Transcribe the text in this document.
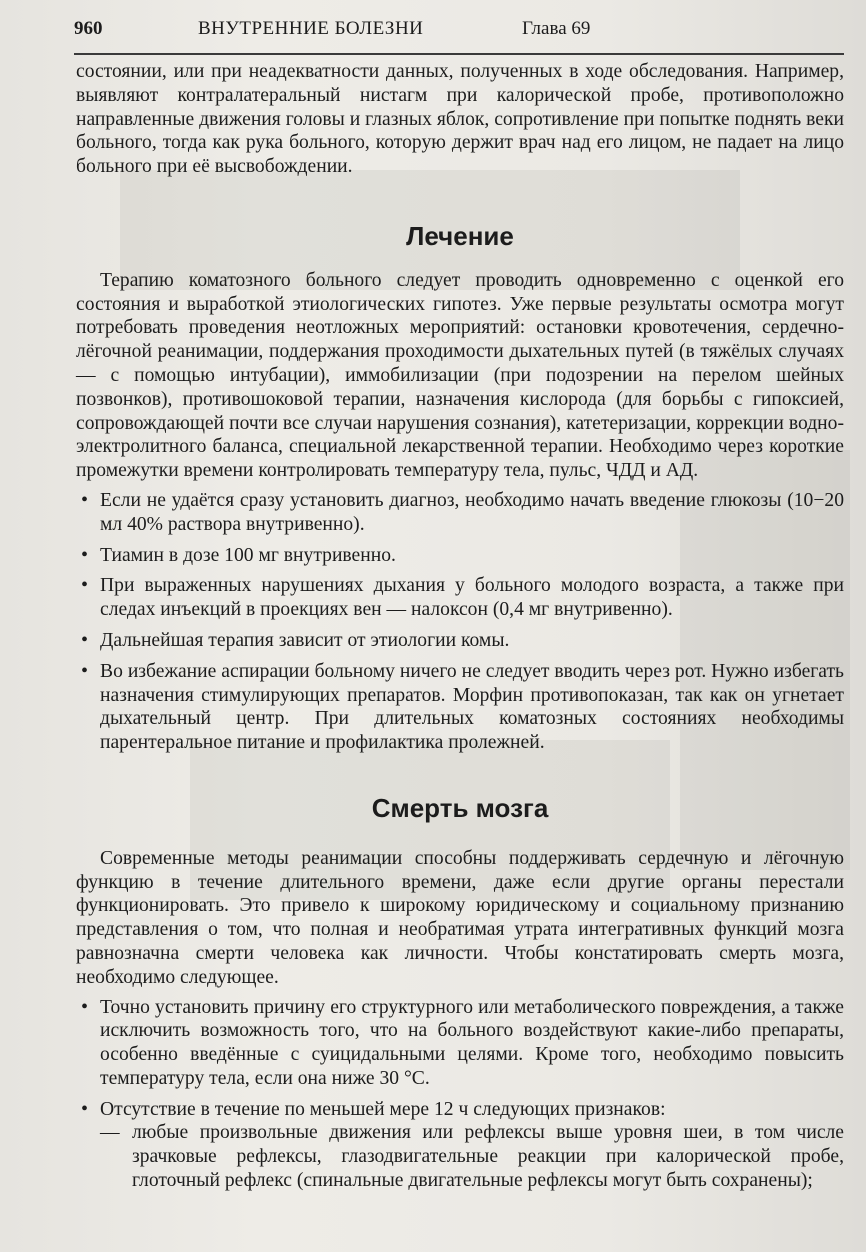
960	ВНУТРЕННИЕ БОЛЕЗНИ	Глава 69

состоянии, или при неадекватности данных, полученных в ходе обследования. Например, выявляют контралатеральный нистагм при калорической пробе, противоположно направленные движения головы и глазных яблок, сопротивление при попытке поднять веки больного, тогда как рука больного, которую держит врач над его лицом, не падает на лицо больного при её высвобождении.

Лечение

Терапию коматозного больного следует проводить одновременно с оценкой его состояния и выработкой этиологических гипотез. Уже первые результаты осмотра могут потребовать проведения неотложных мероприятий: остановки кровотечения, сердечно-лёгочной реанимации, поддержания проходимости дыхательных путей (в тяжёлых случаях — с помощью интубации), иммобилизации (при подозрении на перелом шейных позвонков), противошоковой терапии, назначения кислорода (для борьбы с гипоксией, сопровождающей почти все случаи нарушения сознания), катетеризации, коррекции водно-электролитного баланса, специальной лекарственной терапии. Необходимо через короткие промежутки времени контролировать температуру тела, пульс, ЧДД и АД.

• Если не удаётся сразу установить диагноз, необходимо начать введение глюкозы (10−20 мл 40% раствора внутривенно).
• Тиамин в дозе 100 мг внутривенно.
• При выраженных нарушениях дыхания у больного молодого возраста, а также при следах инъекций в проекциях вен — налоксон (0,4 мг внутривенно).
• Дальнейшая терапия зависит от этиологии комы.
• Во избежание аспирации больному ничего не следует вводить через рот. Нужно избегать назначения стимулирующих препаратов. Морфин противопоказан, так как он угнетает дыхательный центр. При длительных коматозных состояниях необходимы парентеральное питание и профилактика пролежней.
Смерть мозга

Современные методы реанимации способны поддерживать сердечную и лёгочную функцию в течение длительного времени, даже если другие органы перестали функционировать. Это привело к широкому юридическому и социальному признанию представления о том, что полная и необратимая утрата интегративных функций мозга равнозначна смерти человека как личности. Чтобы констатировать смерть мозга, необходимо следующее.

• Точно установить причину его структурного или метаболического повреждения, а также исключить возможность того, что на больного воздействуют какие-либо препараты, особенно введённые с суицидальными целями. Кроме того, необходимо повысить температуру тела, если она ниже 30 °С.
• Отсутствие в течение по меньшей мере 12 ч следующих признаков:
— любые произвольные движения или рефлексы выше уровня шеи, в том числе зрачковые рефлексы, глазодвигательные реакции при калорической пробе, глоточный рефлекс (спинальные двигательные рефлексы могут быть сохранены);
